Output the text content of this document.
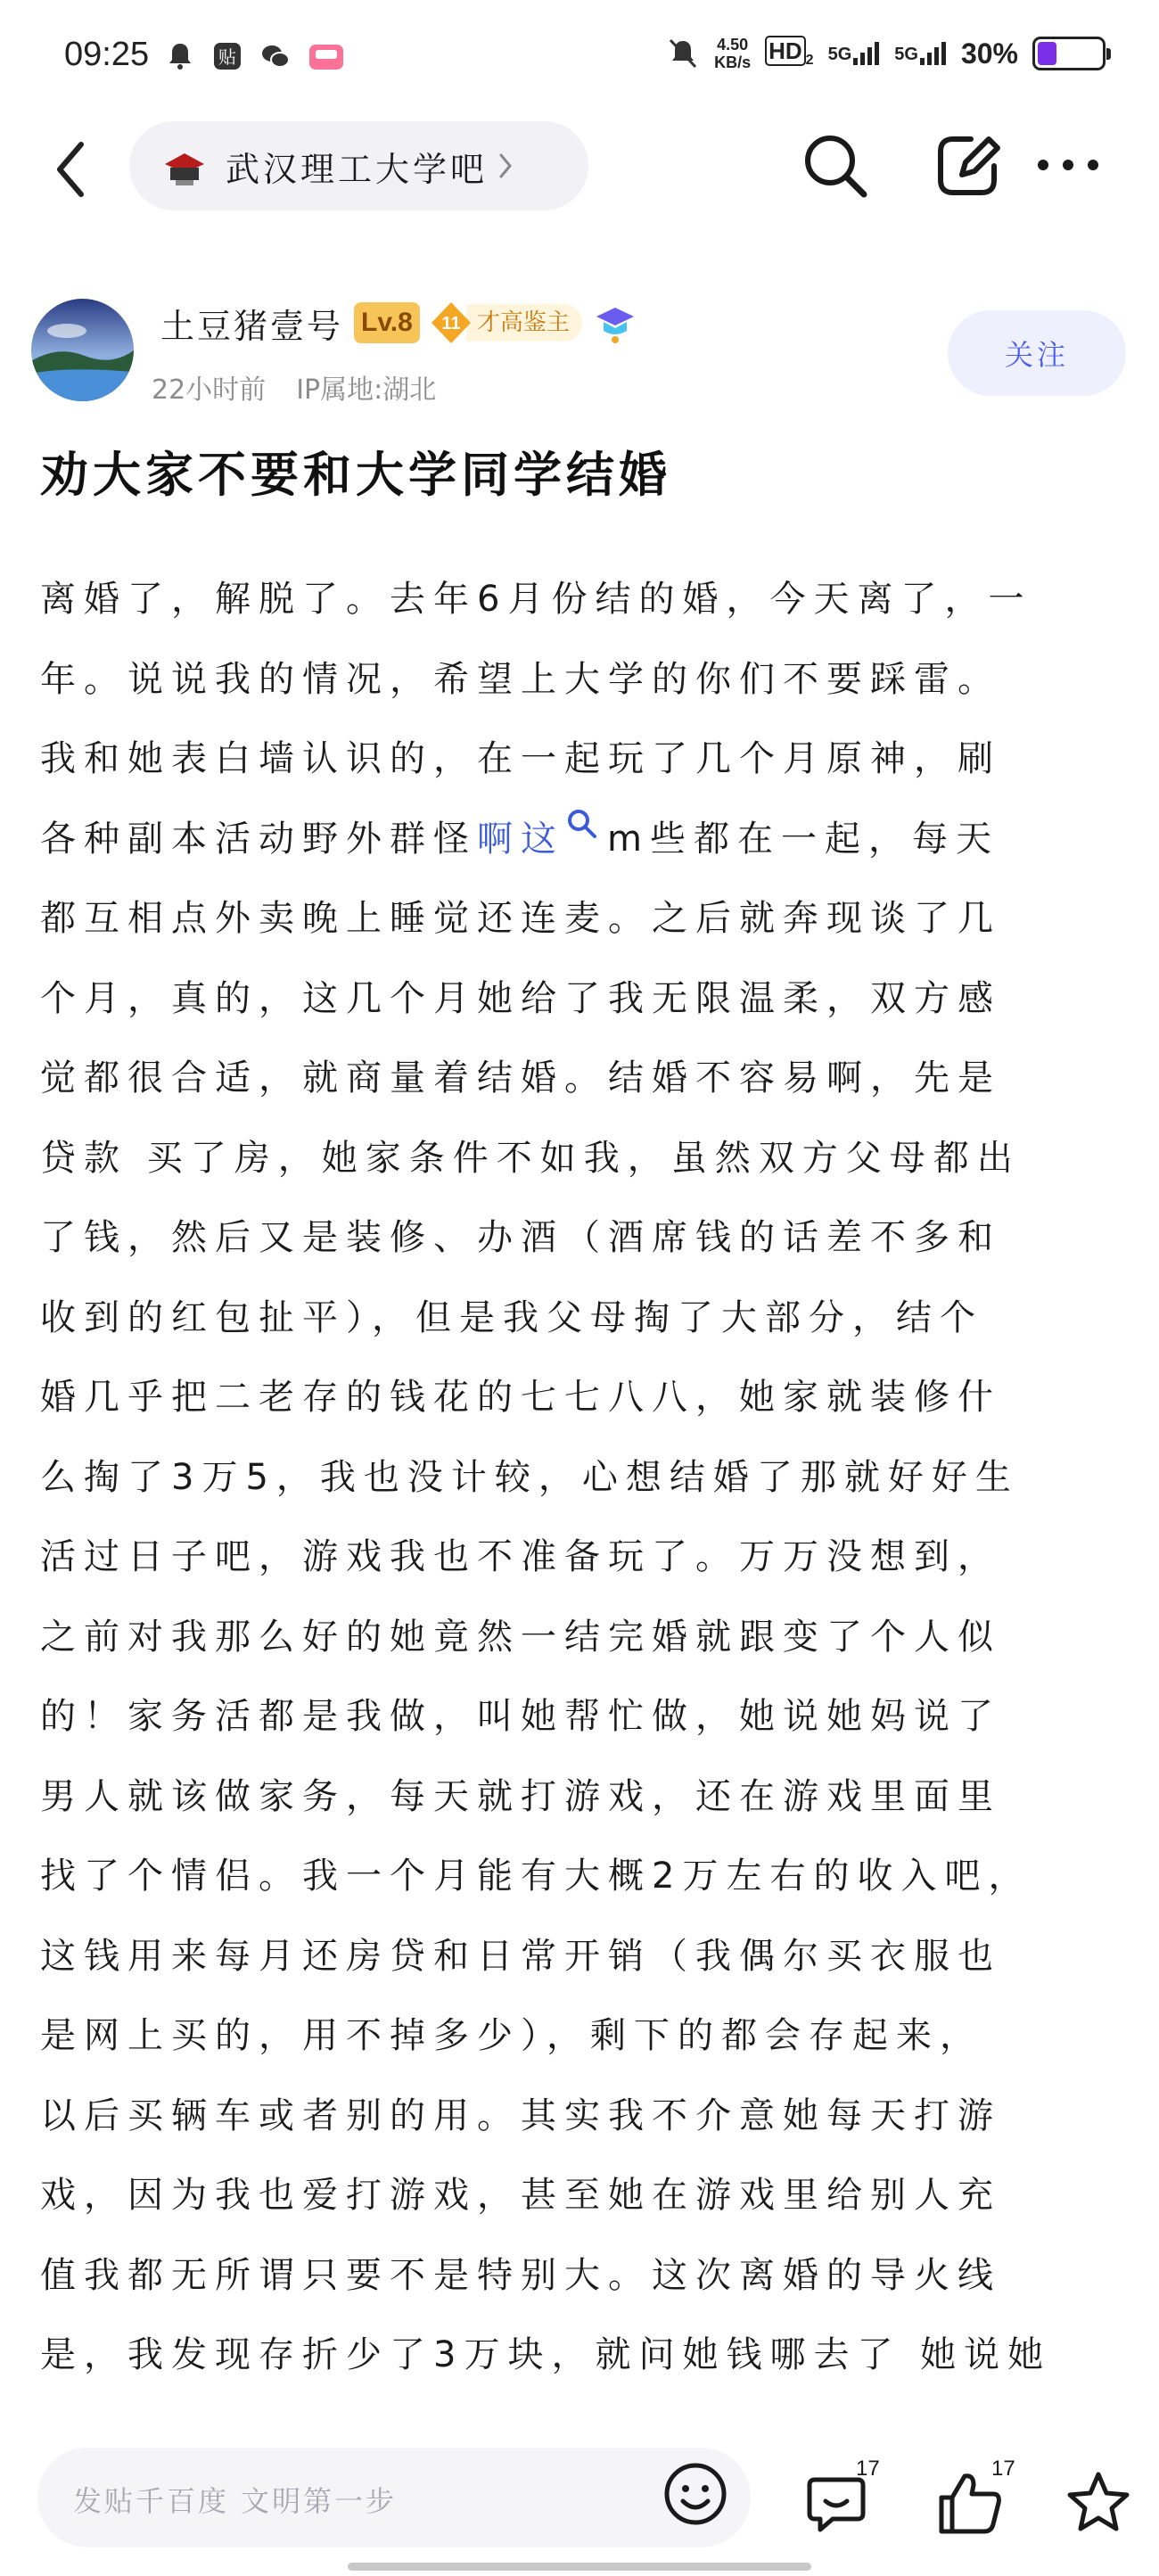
09:25	贴
4.50
KB/s HD $_2$ 5G 5G 30%
武汉理工大学吧
土豆猪壹号 Lv.8	11 才高鉴主
22小时前 IP属地:湖北
关注
劝大家不要和大学同学结婚
离婚了，解脱了。去年6月份结的婚，今天离了，一
年。说说我的情况，希望上大学的你们不要踩雷。
我和她表白墙认识的，在一起玩了几个月原神，刷
各种副本活动野外群怪啊这 m些都在一起，每天
都互相点外卖晚上睡觉还连麦。之后就奔现谈了几
个月，真的，这几个月她给了我无限温柔，双方感
觉都很合适，就商量着结婚。结婚不容易啊，先是
贷款 买了房，她家条件不如我，虽然双方父母都出
了钱，然后又是装修、办酒（酒席钱的话差不多和
收到的红包扯平），但是我父母掏了大部分，结个
婚几乎把二老存的钱花的七七八八，她家就装修什
么掏了3万5，我也没计较，心想结婚了那就好好生
活过日子吧，游戏我也不准备玩了。万万没想到，
之前对我那么好的她竟然一结完婚就跟变了个人似
的！家务活都是我做，叫她帮忙做，她说她妈说了
男人就该做家务，每天就打游戏，还在游戏里面里
找了个情侣。我一个月能有大概2万左右的收入吧，
这钱用来每月还房贷和日常开销（我偶尔买衣服也
是网上买的，用不掉多少），剩下的都会存起来，
以后买辆车或者别的用。其实我不介意她每天打游
戏，因为我也爱打游戏，甚至她在游戏里给别人充
值我都无所谓只要不是特别大。这次离婚的导火线
是，我发现存折少了3万块，就问她钱哪去了 她说她
发贴千百度 文明第一步
17	17
